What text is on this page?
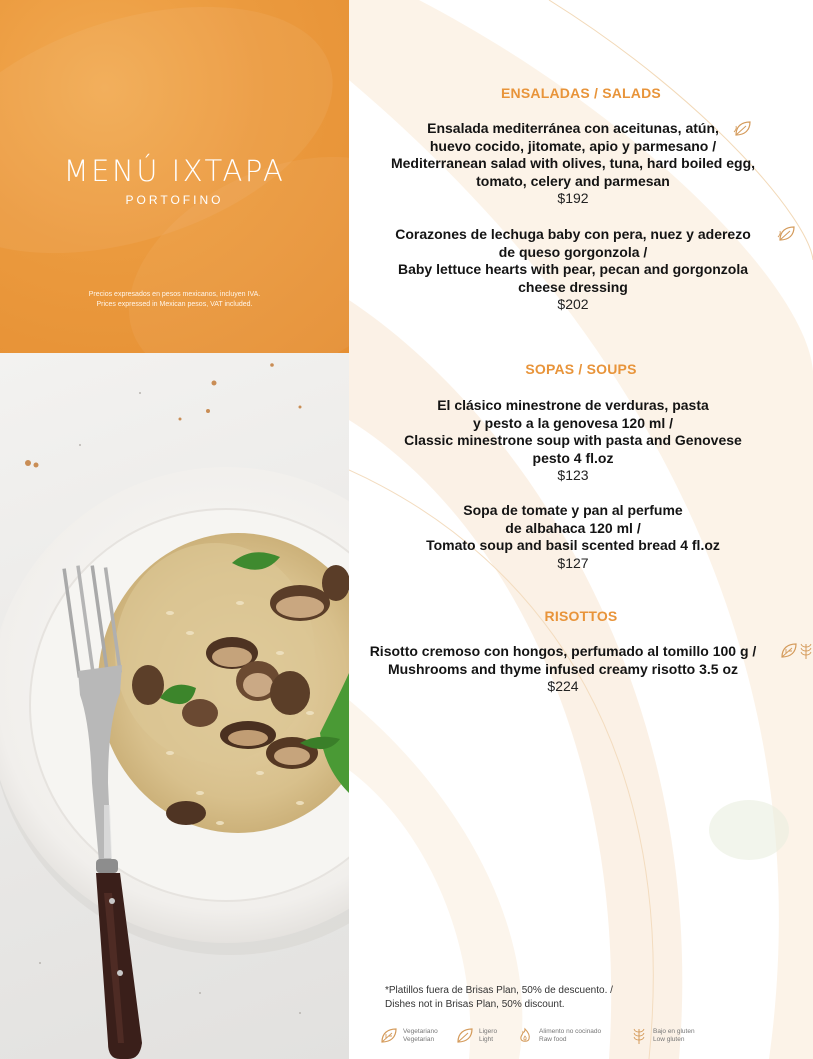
MENÚ IXTAPA
PORTOFINO
Precios expresados en pesos mexicanos, incluyen IVA.
Prices expressed in Mexican pesos, VAT included.
ENSALADAS / SALADS
Ensalada mediterránea con aceitunas, atún,
huevo cocido, jitomate, apio y parmesano /
Mediterranean salad with olives, tuna, hard boiled egg,
tomato, celery and parmesan
$192
Corazones de lechuga baby con pera, nuez y aderezo
de queso gorgonzola /
Baby lettuce hearts with pear, pecan and gorgonzola
cheese dressing
$202
SOPAS / SOUPS
El clásico minestrone de verduras, pasta
y pesto a la genovesa 120 ml /
Classic minestrone soup with pasta and Genovese
pesto 4 fl.oz
$123
Sopa de tomate y pan al perfume
de albahaca 120 ml /
Tomato soup and basil scented bread 4 fl.oz
$127
RISOTTOS
Risotto cremoso con hongos, perfumado al tomillo 100 g /
Mushrooms and thyme infused creamy risotto 3.5 oz
$224
*Platillos fuera de Brisas Plan, 50% de descuento. /
Dishes not in Brisas Plan, 50% discount.
Vegetariano
Vegetarian
Ligero
Light
Alimento no cocinado
Raw food
Bajo en gluten
Low gluten
